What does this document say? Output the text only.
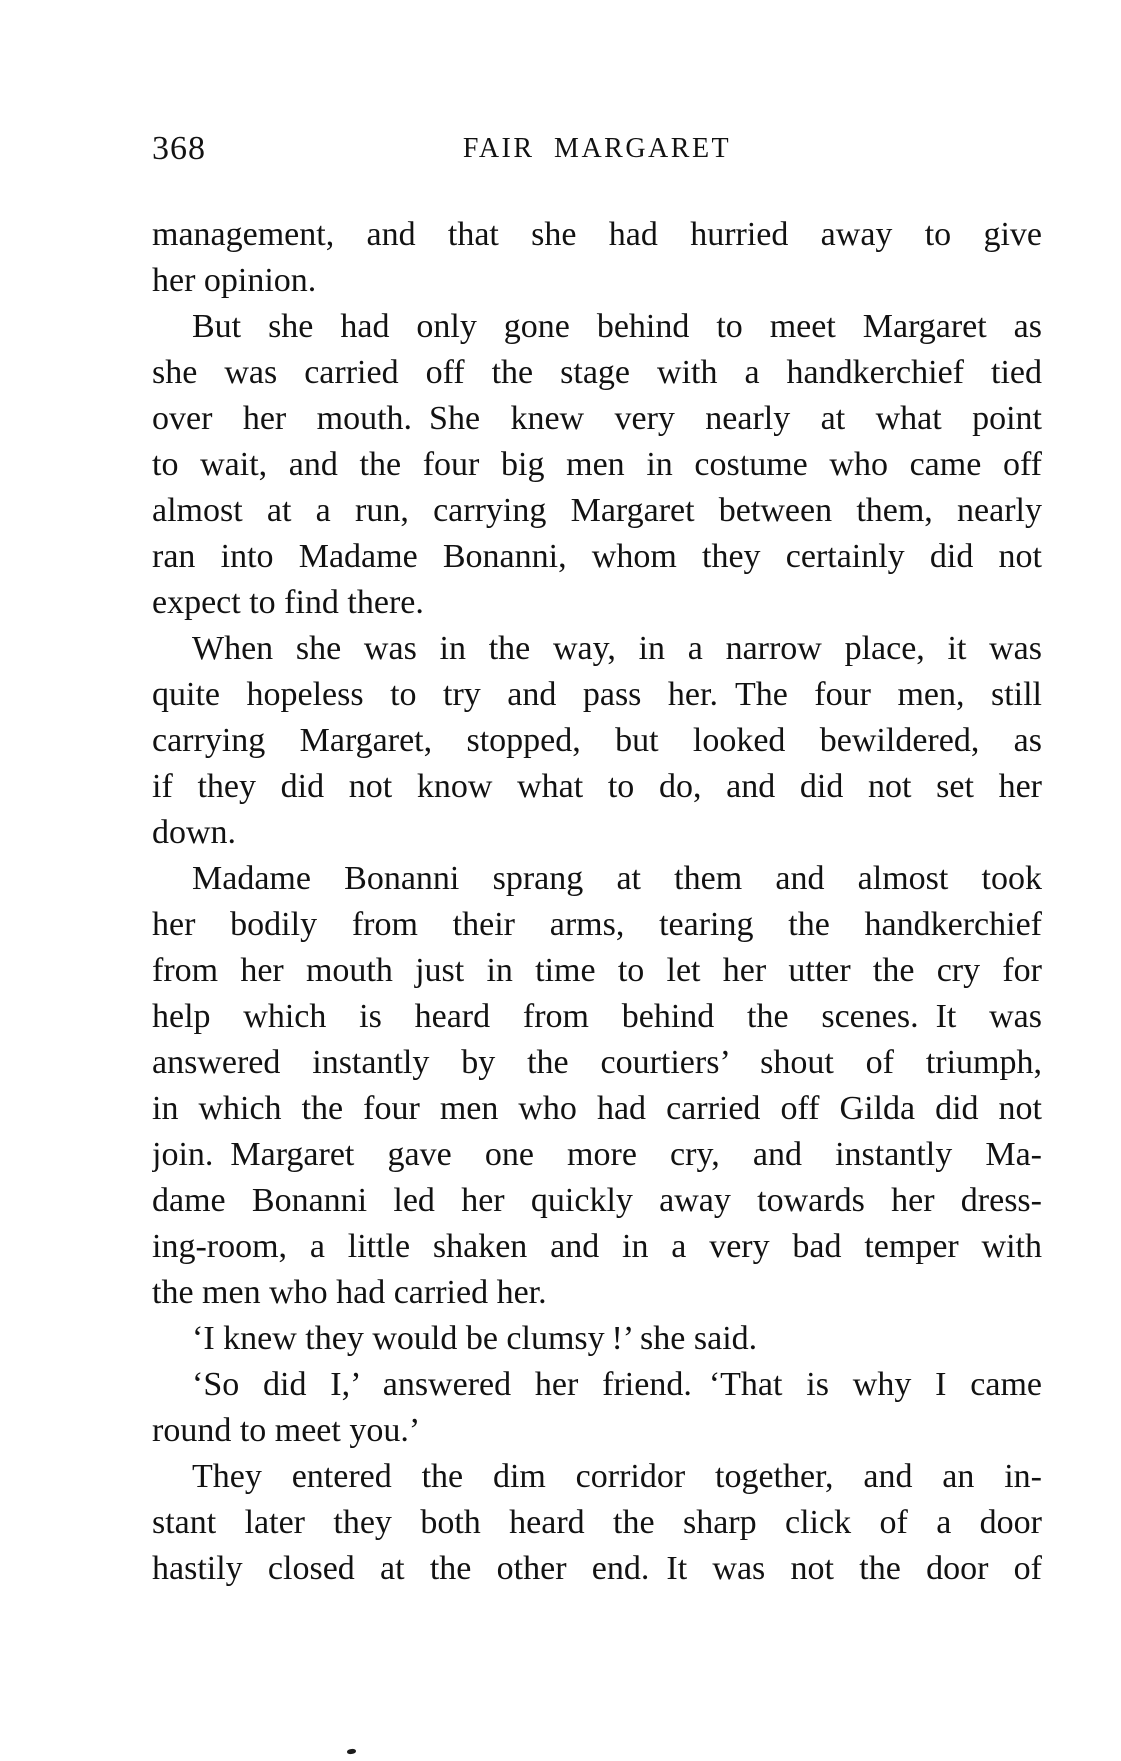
368	FAIR MARGARET
management, and that she had hurried away to give
her opinion.
But she had only gone behind to meet Margaret as
she was carried off the stage with a handkerchief tied
over her mouth. She knew very nearly at what point
to wait, and the four big men in costume who came off
almost at a run, carrying Margaret between them, nearly
ran into Madame Bonanni, whom they certainly did not
expect to find there.
When she was in the way, in a narrow place, it was
quite hopeless to try and pass her. The four men, still
carrying Margaret, stopped, but looked bewildered, as
if they did not know what to do, and did not set her
down.
Madame Bonanni sprang at them and almost took
her bodily from their arms, tearing the handkerchief
from her mouth just in time to let her utter the cry for
help which is heard from behind the scenes. It was
answered instantly by the courtiers’ shout of triumph,
in which the four men who had carried off Gilda did not
join. Margaret gave one more cry, and instantly Ma-
dame Bonanni led her quickly away towards her dress-
ing-room, a little shaken and in a very bad temper with
the men who had carried her.
‘I knew they would be clumsy !’ she said.
‘So did I,’ answered her friend. ‘That is why I came
round to meet you.’
They entered the dim corridor together, and an in-
stant later they both heard the sharp click of a door
hastily closed at the other end. It was not the door of
